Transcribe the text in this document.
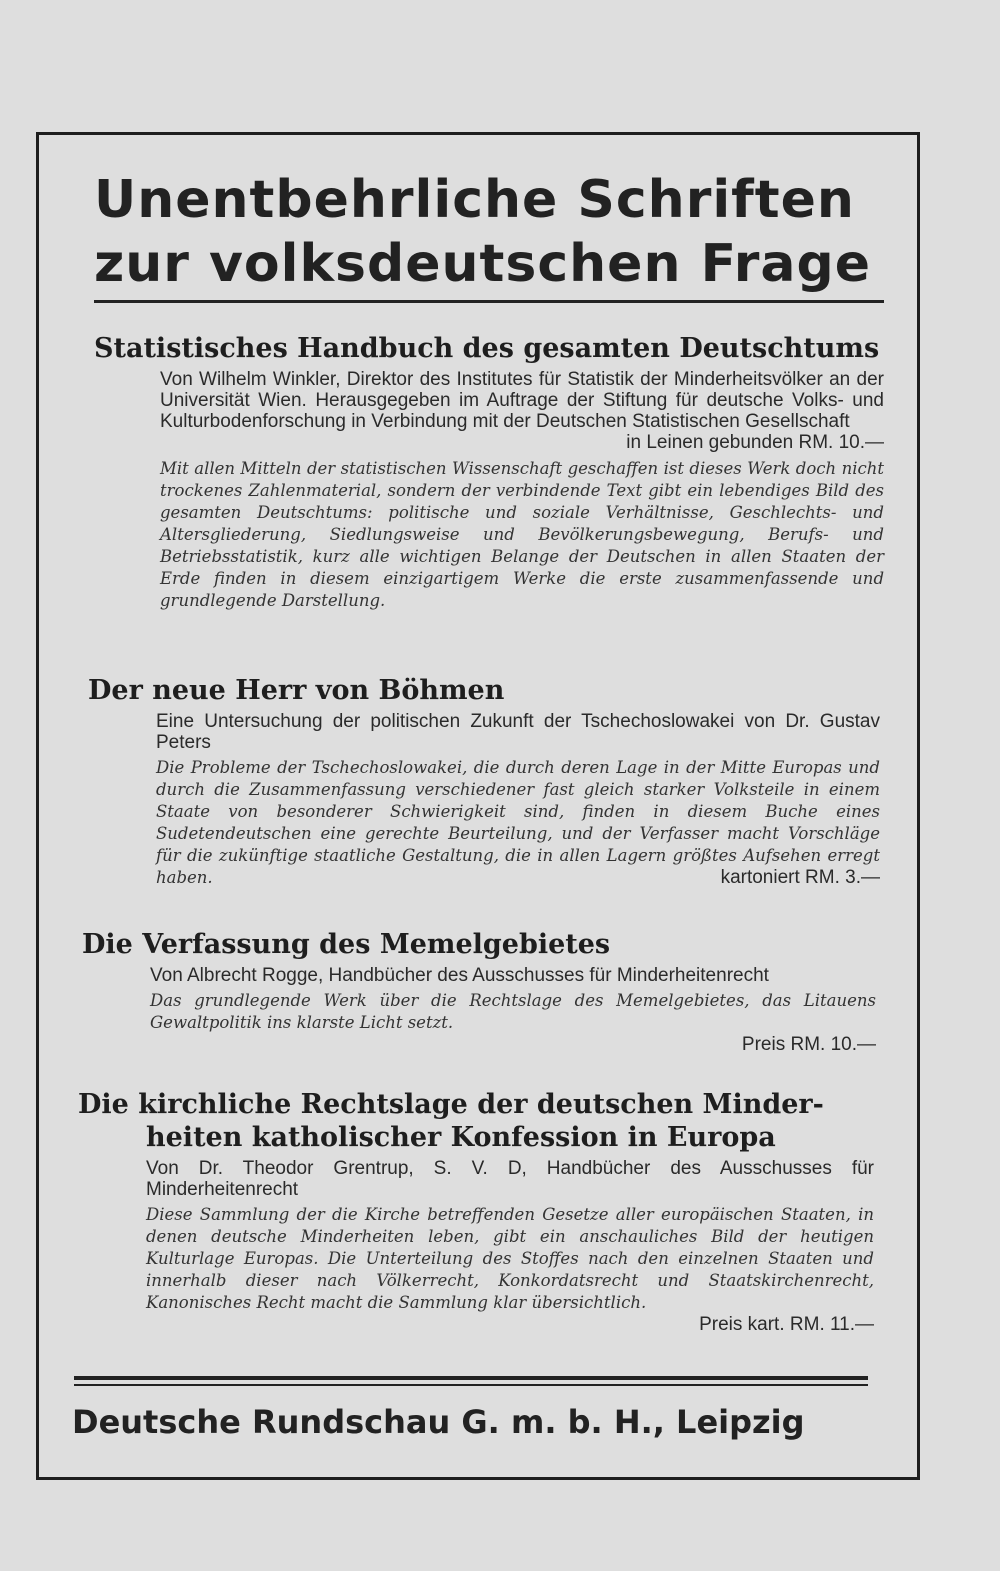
Unentbehrliche Schriften
zur volksdeutschen Frage
Statistisches Handbuch des gesamten Deutschtums

Von Wilhelm Winkler, Direktor des Institutes für Statistik der Minderheitsvölker an der Universität Wien. Herausgegeben im Auftrage der Stiftung für deutsche Volks- und Kulturbodenforschung in Verbindung mit der Deutschen Statistischen Gesellschaft

in Leinen gebunden RM. 10.—

Mit allen Mitteln der statistischen Wissenschaft geschaffen ist dieses Werk doch nicht trockenes Zahlenmaterial, sondern der verbindende Text gibt ein lebendiges Bild des gesamten Deutschtums: politische und soziale Verhältnisse, Geschlechts- und Altersgliederung, Siedlungsweise und Bevölkerungsbewegung, Berufs- und Betriebsstatistik, kurz alle wichtigen Belange der Deutschen in allen Staaten der Erde finden in diesem einzigartigem Werke die erste zusammenfassende und grundlegende Darstellung.

Der neue Herr von Böhmen

Eine Untersuchung der politischen Zukunft der Tschechoslowakei von Dr. Gustav Peters

Die Probleme der Tschechoslowakei, die durch deren Lage in der Mitte Europas und durch die Zusammenfassung verschiedener fast gleich starker Volksteile in einem Staate von besonderer Schwierigkeit sind, finden in diesem Buche eines Sudetendeutschen eine gerechte Beurteilung, und der Verfasser macht Vorschläge für die zukünftige staatliche Gestaltung, die in allen Lagern größtes Aufsehen erregt haben.	kartoniert RM. 3.—
Die Verfassung des Memelgebietes

Von Albrecht Rogge, Handbücher des Ausschusses für Minderheitenrecht

Das grundlegende Werk über die Rechtslage des Memelgebietes, das Litauens Gewaltpolitik ins klarste Licht setzt.

Preis RM. 10.—
Die kirchliche Rechtslage der deutschen Minder-
heiten katholischer Konfession in Europa

Von Dr. Theodor Grentrup, S. V. D, Handbücher des Ausschusses für Minderheitenrecht

Diese Sammlung der die Kirche betreffenden Gesetze aller europäischen Staaten, in denen deutsche Minderheiten leben, gibt ein anschauliches Bild der heutigen Kulturlage Europas. Die Unterteilung des Stoffes nach den einzelnen Staaten und innerhalb dieser nach Völkerrecht, Konkordatsrecht und Staatskirchenrecht, Kanonisches Recht macht die Sammlung klar übersichtlich.

Preis kart. RM. 11.—
Deutsche Rundschau G. m. b. H., Leipzig
